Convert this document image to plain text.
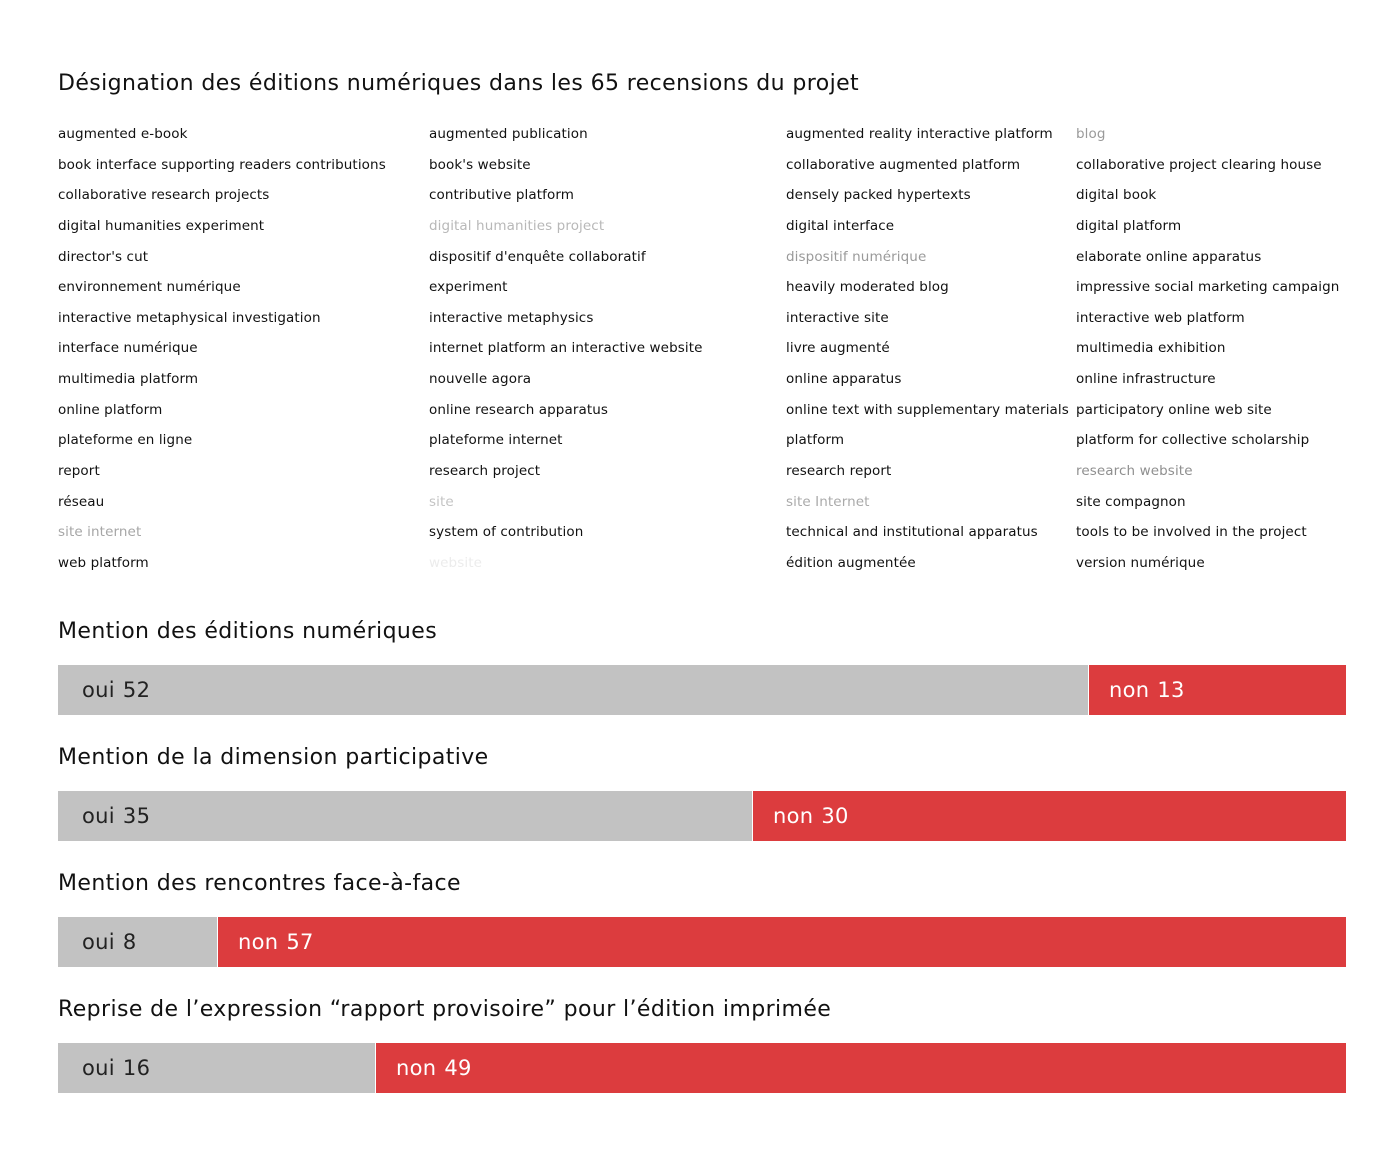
Désignation des éditions numériques dans les 65 recensions du projet
augmented e-book
book interface supporting readers contributions
collaborative research projects
digital humanities experiment
director's cut
environnement numérique
interactive metaphysical investigation
interface numérique
multimedia platform
online platform
plateforme en ligne
report
réseau
site internet
web platform
augmented publication
book's website
contributive platform
digital humanities project
dispositif d'enquête collaboratif
experiment
interactive metaphysics
internet platform an interactive website
nouvelle agora
online research apparatus
plateforme internet
research project
site
system of contribution
website
augmented reality interactive platform
collaborative augmented platform
densely packed hypertexts
digital interface
dispositif numérique
heavily moderated blog
interactive site
livre augmenté
online apparatus
online text with supplementary materials
platform
research report
site Internet
technical and institutional apparatus
édition augmentée
blog
collaborative project clearing house
digital book
digital platform
elaborate online apparatus
impressive social marketing campaign
interactive web platform
multimedia exhibition
online infrastructure
participatory online web site
platform for collective scholarship
research website
site compagnon
tools to be involved in the project
version numérique
Mention des éditions numériques
oui 52	non 13
Mention de la dimension participative
oui 35	non 30
Mention des rencontres face-à-face
oui 8	non 57
Reprise de l’expression “rapport provisoire” pour l’édition imprimée
oui 16	non 49
